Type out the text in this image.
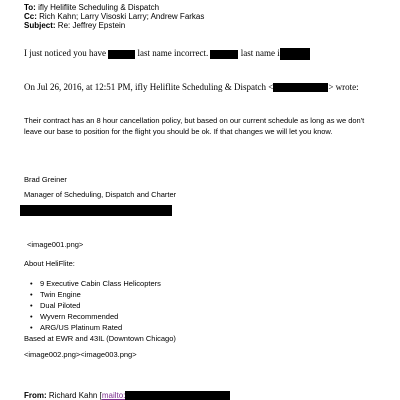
To: ifly Heliflite Scheduling & Dispatch
Cc: Rich Kahn; Larry Visoski Larry; Andrew Farkas
Subject: Re: Jeffrey Epstein
I just noticed you have	last name incorrect.	last name i
On Jul 26, 2016, at 12:51 PM, ifly Heliflite Scheduling & Dispatch <	> wrote:
Their contract has an 8 hour cancellation policy, but based on our current schedule as long as we don't leave our base to position for the flight you should be ok. If that changes we will let you know.
Brad Greiner
Manager of Scheduling, Dispatch and Charter
<image001.png>
About HeliFlite:
• 9 Executive Cabin Class Helicopters
• Twin Engine
• Dual Piloted
• Wyvern Recommended
• ARG/US Platinum Rated
Based at EWR and 43IL (Downtown Chicago)
<image002.png><image003.png>
From: Richard Kahn [mailto:
